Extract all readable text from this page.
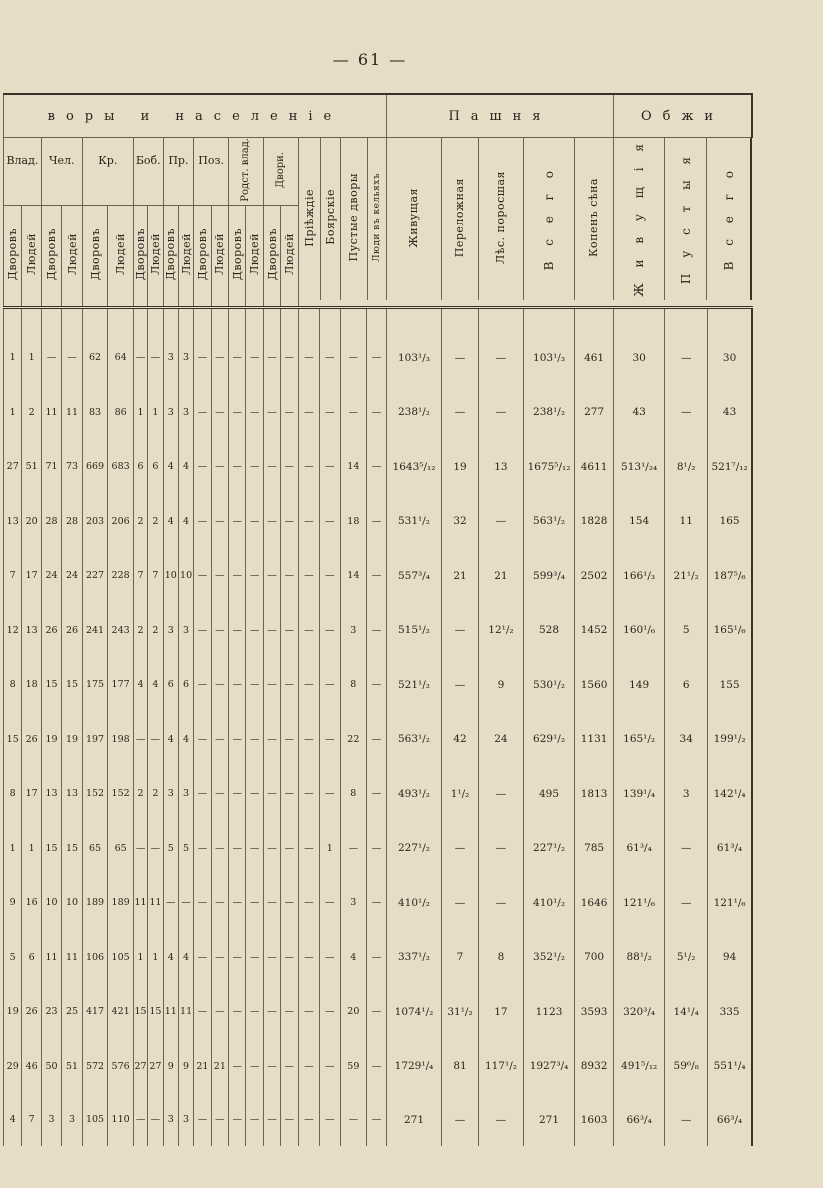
— 61 —
воры и населеніе	Пашня	Обжи
Влад.	Чел.	Кр.	Боб.	Пр.	Поз.	Родст. влад.	Двори.	
Пріѣждіе	Боярскіе	Пустые дворы	Люди въ кельяхъ	Живущая	Переложная	Лѣс. поросшая	В с е г о	Копенъ сѣна	Ж и в у щ і я	П у с т ы я	В с е г о

Дворовъ	Людей	Дворовъ	Людей	Дворовъ	Людей	Дворовъ	Людей	Дворовъ	Людей	Дворовъ	Людей	Дворовъ	Людей	Дворовъ	Людей

1	1	—	—	62	64	—	—	3	3	—	—	—	—	—	—	—	—	—	—	103¹/₃	—	—	103¹/₃	461	30	—	30
1	2	11	11	83	86	1	1	3	3	—	—	—	—	—	—	—	—	—	—	238¹/₂	—	—	238¹/₂	277	43	—	43
27	51	71	73	669	683	6	6	4	4	—	—	—	—	—	—	—	—	14	—	1643⁵/₁₂	19	13	1675⁵/₁₂	4611	513¹/₂₄	8¹/₂	521⁷/₁₂
13	20	28	28	203	206	2	2	4	4	—	—	—	—	—	—	—	—	18	—	531¹/₂	32	—	563¹/₂	1828	154	11	165
7	17	24	24	227	228	7	7	10	10	—	—	—	—	—	—	—	—	14	—	557³/₄	21	21	599³/₄	2502	166¹/₃	21¹/₂	187⁵/₆
12	13	26	26	241	243	2	2	3	3	—	—	—	—	—	—	—	—	3	—	515¹/₂	—	12¹/₂	528	1452	160¹/₆	5	165¹/₆
8	18	15	15	175	177	4	4	6	6	—	—	—	—	—	—	—	—	8	—	521¹/₂	—	9	530¹/₂	1560	149	6	155
15	26	19	19	197	198	—	—	4	4	—	—	—	—	—	—	—	—	22	—	563¹/₂	42	24	629¹/₂	1131	165¹/₂	34	199¹/₂
8	17	13	13	152	152	2	2	3	3	—	—	—	—	—	—	—	—	8	—	493¹/₂	1¹/₂	—	495	1813	139¹/₄	3	142¹/₄
1	1	15	15	65	65	—	—	5	5	—	—	—	—	—	—	—	1	—	—	227¹/₂	—	—	227¹/₂	785	61³/₄	—	61³/₄
9	16	10	10	189	189	11	11	—	—	—	—	—	—	—	—	—	—	3	—	410¹/₂	—	—	410¹/₂	1646	121¹/₆	—	121¹/₆
5	6	11	11	106	105	1	1	4	4	—	—	—	—	—	—	—	—	4	—	337¹/₂	7	8	352¹/₂	700	88¹/₂	5¹/₂	94
19	26	23	25	417	421	15	15	11	11	—	—	—	—	—	—	—	—	20	—	1074¹/₂	31¹/₂	17	1123	3593	320³/₄	14¹/₄	335
29	46	50	51	572	576	27	27	9	9	21	21	—	—	—	—	—	—	59	—	1729¹/₄	81	117¹/₂	1927³/₄	8932	491⁵/₁₂	59⁶/₈	551¹/₄
4	7	3	3	105	110	—	—	3	3	—	—	—	—	—	—	—	—	—	—	271	—	—	271	1603	66³/₄	—	66³/₄
